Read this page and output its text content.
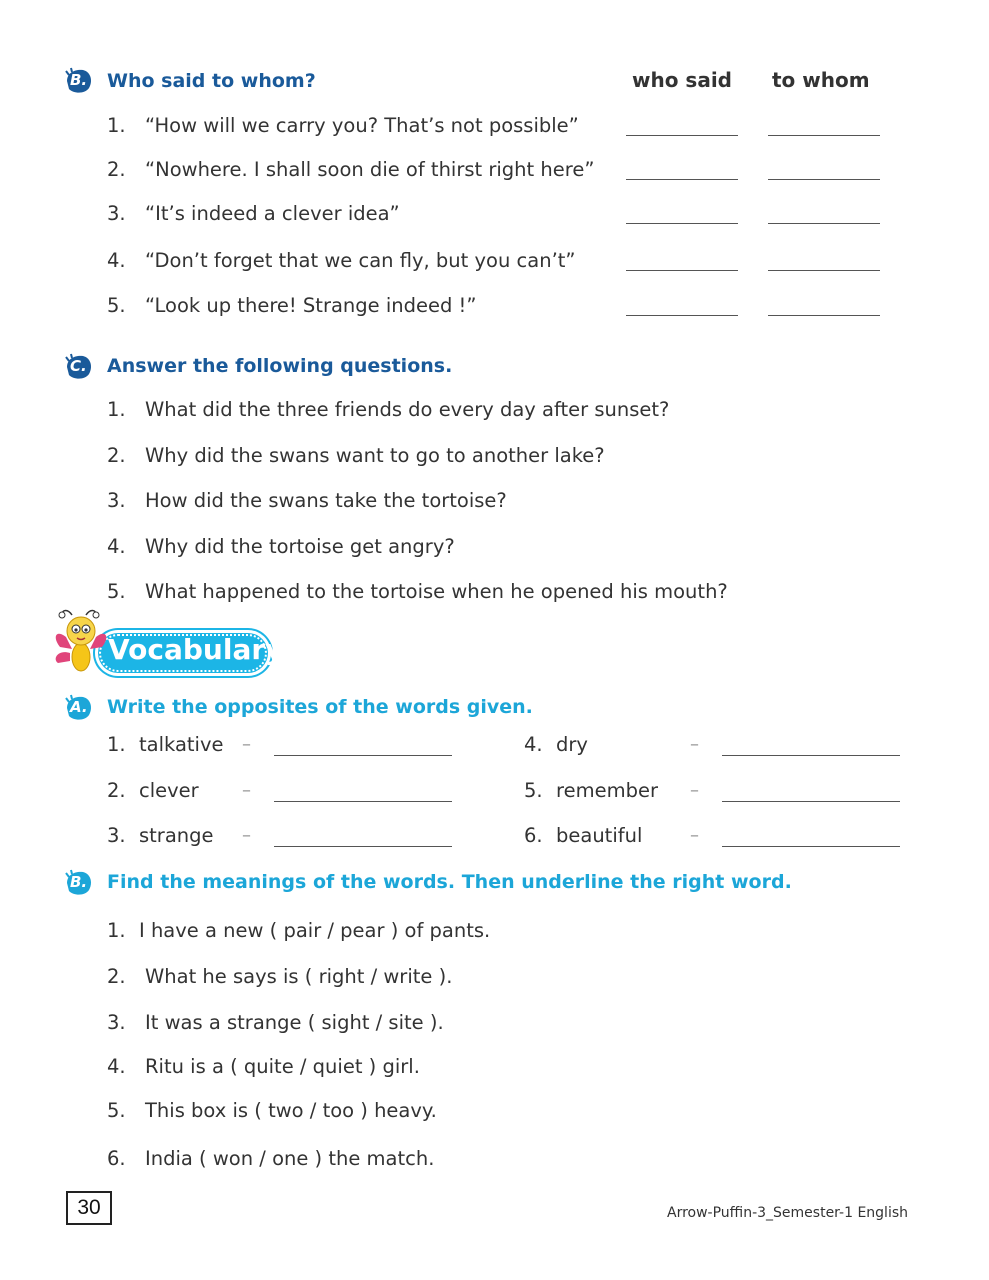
B. Who said to whom?	who said to whom
1. “How will we carry you? That’s not possible”
2. “Nowhere. I shall soon die of thirst right here”
3. “It’s indeed a clever idea”
4. “Don’t forget that we can fly, but you can’t”
5. “Look up there! Strange indeed !”
C. Answer the following questions.
1. What did the three friends do every day after sunset?
2. Why did the swans want to go to another lake?
3. How did the swans take the tortoise?
4. Why did the tortoise get angry?
5. What happened to the tortoise when he opened his mouth?
Vocabulary
A. Write the opposites of the words given.
1. talkative –
2. clever –
3. strange –
4. dry	–
5. remember –
6. beautiful	–
B. Find the meanings of the words. Then underline the right word.
1. I have a new ( pair / pear ) of pants.
2. What he says is ( right / write ).
3. It was a strange ( sight / site ).
4. Ritu is a ( quite / quiet ) girl.
5. This box is ( two / too ) heavy.
6. India ( won / one ) the match.
30	Arrow-Puffin-3_Semester-1 English
